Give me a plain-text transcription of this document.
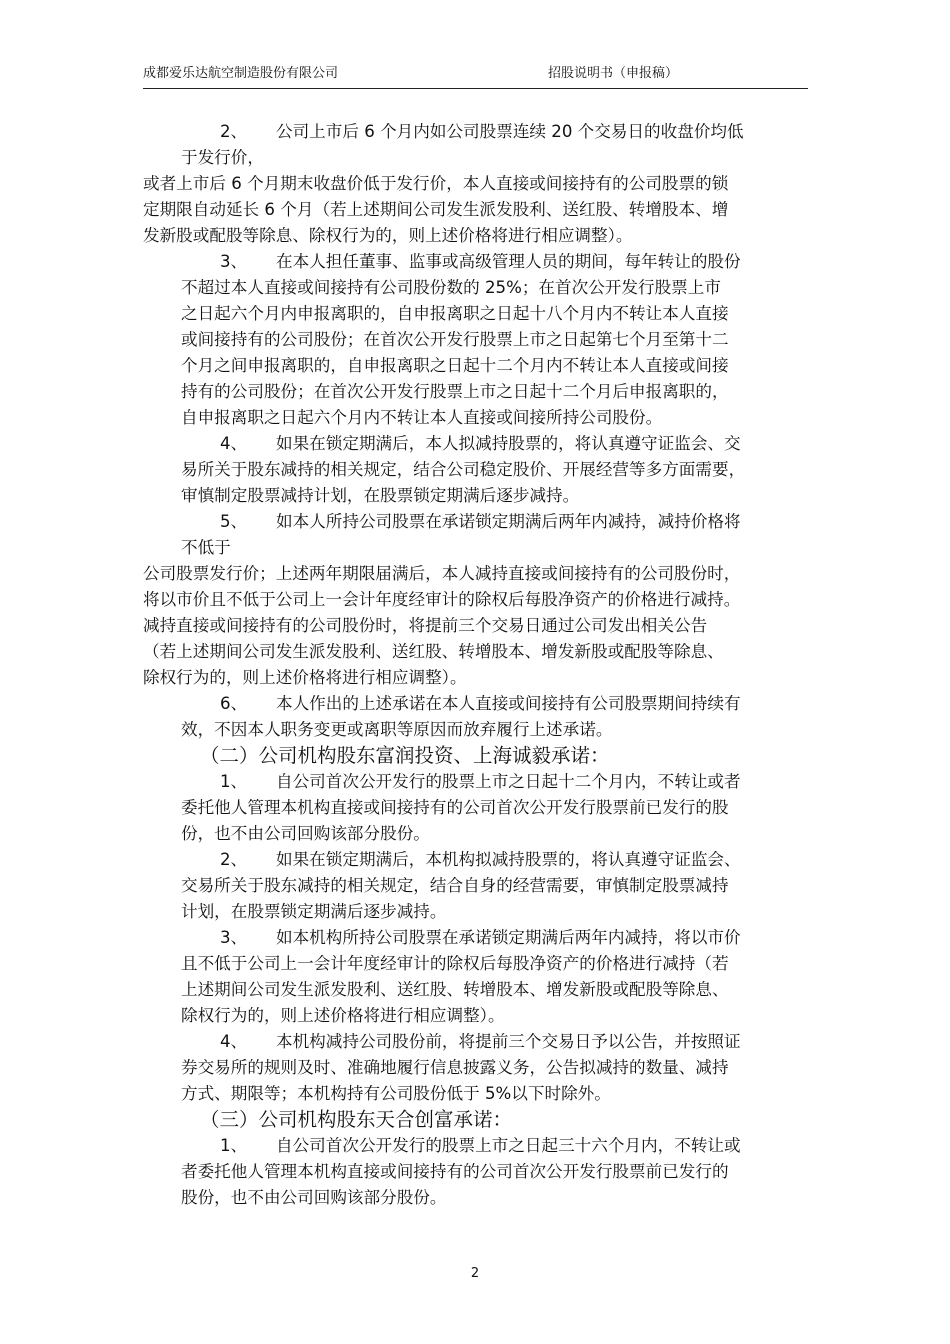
成都爱乐达航空制造股份有限公司	招股说明书（申报稿）
2、 公司上市后 6 个月内如公司股票连续 20 个交易日的收盘价均低
于发行价，
或者上市后 6 个月期末收盘价低于发行价，本人直接或间接持有的公司股票的锁
定期限自动延长 6 个月（若上述期间公司发生派发股利、送红股、转增股本、增
发新股或配股等除息、除权行为的，则上述价格将进行相应调整）。
3、 在本人担任董事、监事或高级管理人员的期间，每年转让的股份
不超过本人直接或间接持有公司股份数的 25%；在首次公开发行股票上市
之日起六个月内申报离职的，自申报离职之日起十八个月内不转让本人直接
或间接持有的公司股份；在首次公开发行股票上市之日起第七个月至第十二
个月之间申报离职的，自申报离职之日起十二个月内不转让本人直接或间接
持有的公司股份；在首次公开发行股票上市之日起十二个月后申报离职的，
自申报离职之日起六个月内不转让本人直接或间接所持公司股份。
4、 如果在锁定期满后，本人拟减持股票的，将认真遵守证监会、交
易所关于股东减持的相关规定，结合公司稳定股价、开展经营等多方面需要，
审慎制定股票减持计划，在股票锁定期满后逐步减持。
5、 如本人所持公司股票在承诺锁定期满后两年内减持，减持价格将
不低于
公司股票发行价；上述两年期限届满后，本人减持直接或间接持有的公司股份时，
将以市价且不低于公司上一会计年度经审计的除权后每股净资产的价格进行减持。
减持直接或间接持有的公司股份时，将提前三个交易日通过公司发出相关公告
（若上述期间公司发生派发股利、送红股、转增股本、增发新股或配股等除息、
除权行为的，则上述价格将进行相应调整）。
6、 本人作出的上述承诺在本人直接或间接持有公司股票期间持续有
效，不因本人职务变更或离职等原因而放弃履行上述承诺。
（二）公司机构股东富润投资、上海诚毅承诺：
1、 自公司首次公开发行的股票上市之日起十二个月内，不转让或者
委托他人管理本机构直接或间接持有的公司首次公开发行股票前已发行的股
份，也不由公司回购该部分股份。
2、 如果在锁定期满后，本机构拟减持股票的，将认真遵守证监会、
交易所关于股东减持的相关规定，结合自身的经营需要，审慎制定股票减持
计划，在股票锁定期满后逐步减持。
3、 如本机构所持公司股票在承诺锁定期满后两年内减持，将以市价
且不低于公司上一会计年度经审计的除权后每股净资产的价格进行减持（若
上述期间公司发生派发股利、送红股、转增股本、增发新股或配股等除息、
除权行为的，则上述价格将进行相应调整）。
4、 本机构减持公司股份前，将提前三个交易日予以公告，并按照证
券交易所的规则及时、准确地履行信息披露义务，公告拟减持的数量、减持
方式、期限等；本机构持有公司股份低于 5%以下时除外。
（三）公司机构股东天合创富承诺：
1、 自公司首次公开发行的股票上市之日起三十六个月内，不转让或
者委托他人管理本机构直接或间接持有的公司首次公开发行股票前已发行的
股份，也不由公司回购该部分股份。
2
